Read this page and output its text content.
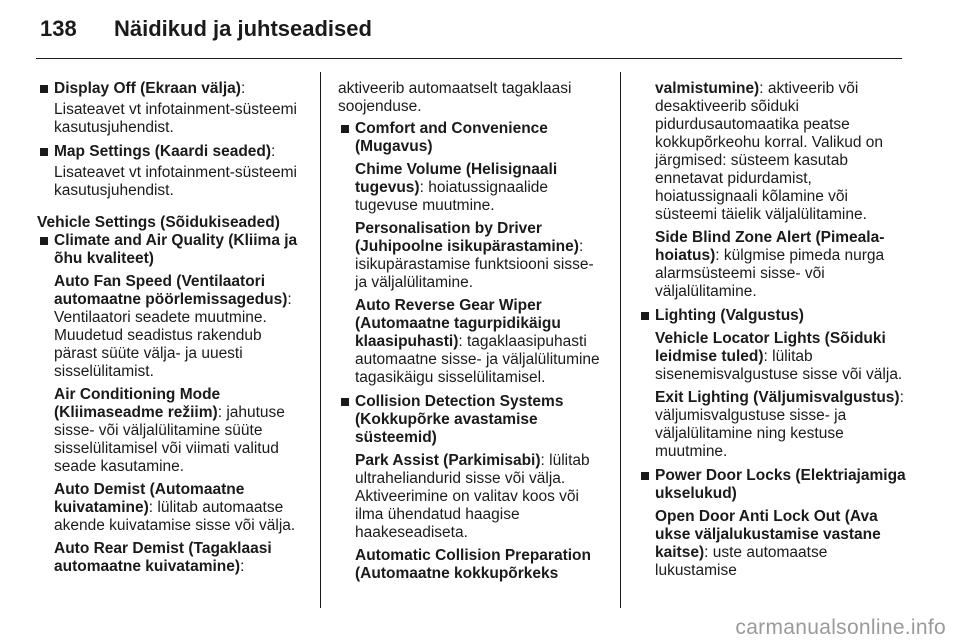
138 Näidikud ja juhtseadised
Display Off (Ekraan välja):
Lisateavet vt infotainment-süsteemi kasutusjuhendist.
Map Settings (Kaardi seaded):
Lisateavet vt infotainment-süsteemi kasutusjuhendist.
Vehicle Settings (Sõidukiseaded)
Climate and Air Quality (Kliima ja õhu kvaliteet)
Auto Fan Speed (Ventilaatori automaatne pöörlemissagedus): Ventilaatori seadete muutmine. Muudetud seadistus rakendub pärast süüte välja- ja uuesti sisselülitamist.
Air Conditioning Mode (Kliimaseadme režiim): jahutuse sisse- või väljalülitamine süüte sisselülitamisel või viimati valitud seade kasutamine.
Auto Demist (Automaatne kuivatamine): lülitab automaatse akende kuivatamise sisse või välja.
Auto Rear Demist (Tagaklaasi automaatne kuivatamine):
aktiveerib automaatselt tagaklaasi soojenduse.
Comfort and Convenience (Mugavus)
Chime Volume (Helisignaali tugevus): hoiatussignaalide tugevuse muutmine.
Personalisation by Driver (Juhipoolne isikupärastamine): isikupärastamise funktsiooni sisse- ja väljalülitamine.
Auto Reverse Gear Wiper (Automaatne tagurpidikäigu klaasipuhasti): tagaklaasipuhasti automaatne sisse- ja väljalülitumine tagasikäigu sisselülitamisel.
Collision Detection Systems (Kokkupõrke avastamise süsteemid)
Park Assist (Parkimisabi): lülitab ultraheliandurid sisse või välja. Aktiveerimine on valitav koos või ilma ühendatud haagise haakeseadiseta.
Automatic Collision Preparation (Automaatne kokkupõrkeks
valmistumine): aktiveerib või desaktiveerib sõiduki pidurdusautomaatika peatse kokkupõrkeohu korral. Valikud on järgmised: süsteem kasutab ennetavat pidurdamist, hoiatussignaali kõlamine või süsteemi täielik väljalülitamine.
Side Blind Zone Alert (Pimeala-hoiatus): külgmise pimeda nurga alarmsüsteemi sisse- või väljalülitamine.
Lighting (Valgustus)
Vehicle Locator Lights (Sõiduki leidmise tuled): lülitab sisenemisvalgustuse sisse või välja.
Exit Lighting (Väljumisvalgustus): väljumisvalgustuse sisse- ja väljalülitamine ning kestuse muutmine.
Power Door Locks (Elektriajamiga ukselukud)
Open Door Anti Lock Out (Ava ukse väljalukustamise vastane kaitse): uste automaatse lukustamise
carmanualsonline.info
